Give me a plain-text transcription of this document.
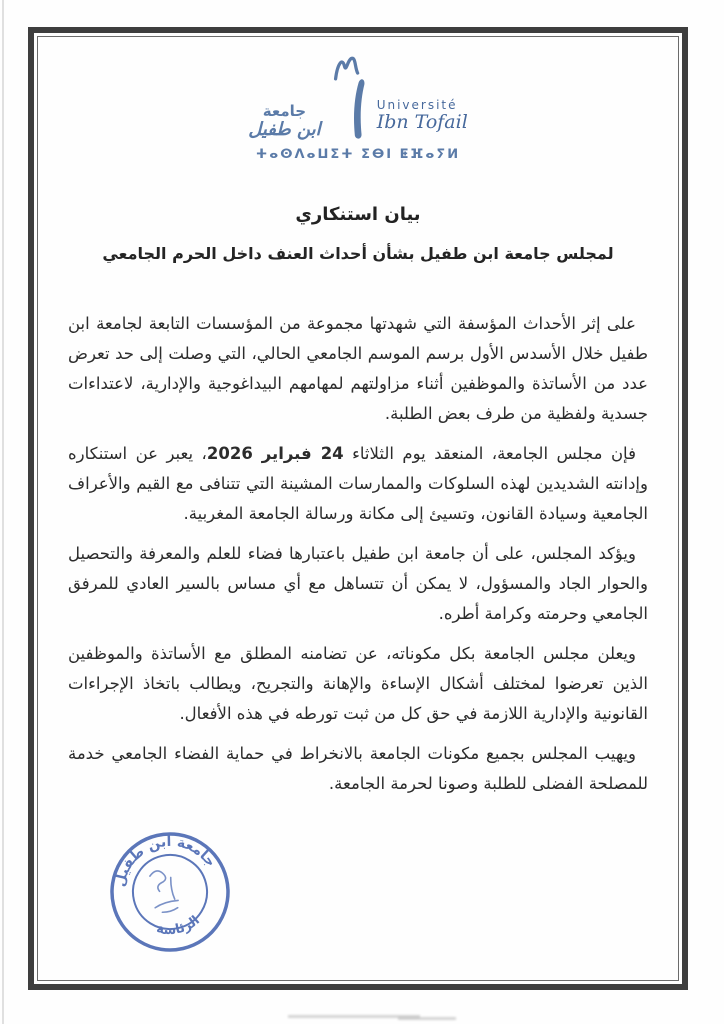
جامعة
ابن طفيل
Université
Ibn Tofail
ⵜⴰⵙⴷⴰⵡⵉⵜ ⵉⴱⵏ ⵟⴼⴰⵢⵍ
بيان استنكاري
لمجلس جامعة ابن طفيل بشأن أحداث العنف داخل الحرم الجامعي

على إثر الأحداث المؤسفة التي شهدتها مجموعة من المؤسسات التابعة لجامعة ابن طفيل خلال الأسدس الأول برسم الموسم الجامعي الحالي، التي وصلت إلى حد تعرض عدد من الأساتذة والموظفين أثناء مزاولتهم لمهامهم البيداغوجية والإدارية، لاعتداءات جسدية ولفظية من طرف بعض الطلبة.

فإن مجلس الجامعة، المنعقد يوم الثلاثاء 24 فبراير 2026، يعبر عن استنكاره وإدانته الشديدين لهذه السلوكات والممارسات المشينة التي تتنافى مع القيم والأعراف الجامعية وسيادة القانون، وتسيئ إلى مكانة ورسالة الجامعة المغربية.

ويؤكد المجلس، على أن جامعة ابن طفيل باعتبارها فضاء للعلم والمعرفة والتحصيل والحوار الجاد والمسؤول، لا يمكن أن تتساهل مع أي مساس بالسير العادي للمرفق الجامعي وحرمته وكرامة أطره.

ويعلن مجلس الجامعة بكل مكوناته، عن تضامنه المطلق مع الأساتذة والموظفين الذين تعرضوا لمختلف أشكال الإساءة والإهانة والتجريح، ويطالب باتخاذ الإجراءات القانونية والإدارية اللازمة في حق كل من ثبت تورطه في هذه الأفعال.

ويهيب المجلس بجميع مكونات الجامعة بالانخراط في حماية الفضاء الجامعي خدمة للمصلحة الفضلى للطلبة وصونا لحرمة الجامعة.

جامعة ابن طفيل
الرئاسة
